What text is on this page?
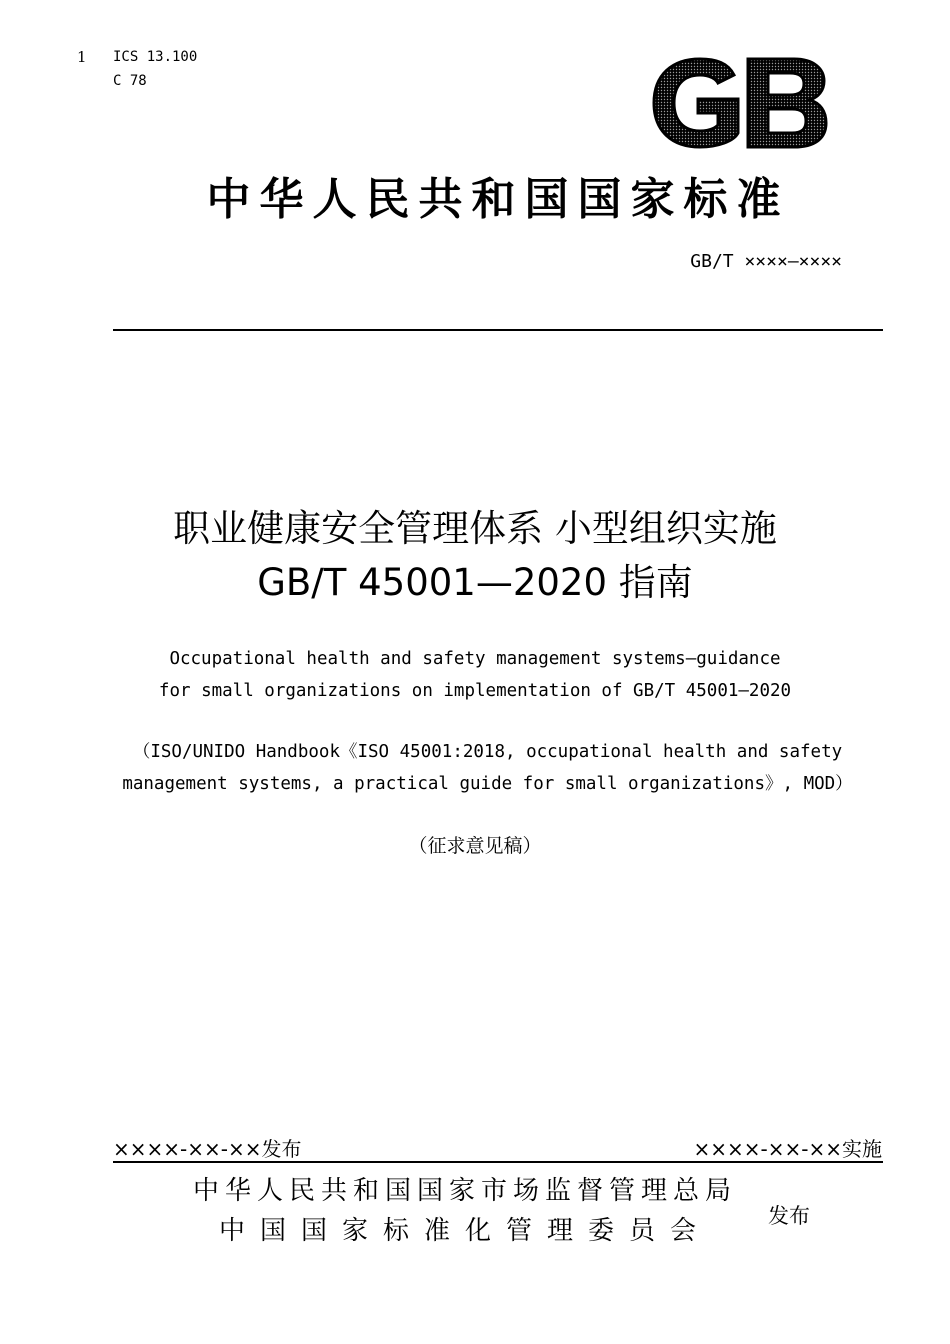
1 ICS 13.100
C 78
中华人民共和国国家标准
GB/T ××××—××××
职业健康安全管理体系 小型组织实施
GB/T 45001—2020 指南
Occupational health and safety management systems—guidance
for small organizations on implementation of GB/T 45001—2020
（ISO/UNIDO Handbook《ISO 45001:2018, occupational health and safety
management systems, a practical guide for small organizations》, MOD）
（征求意见稿）
××××-××-××发布	××××-××-××实施
中华人民共和国国家市场监督管理总局
中国国家标准化管理委员会	发布
